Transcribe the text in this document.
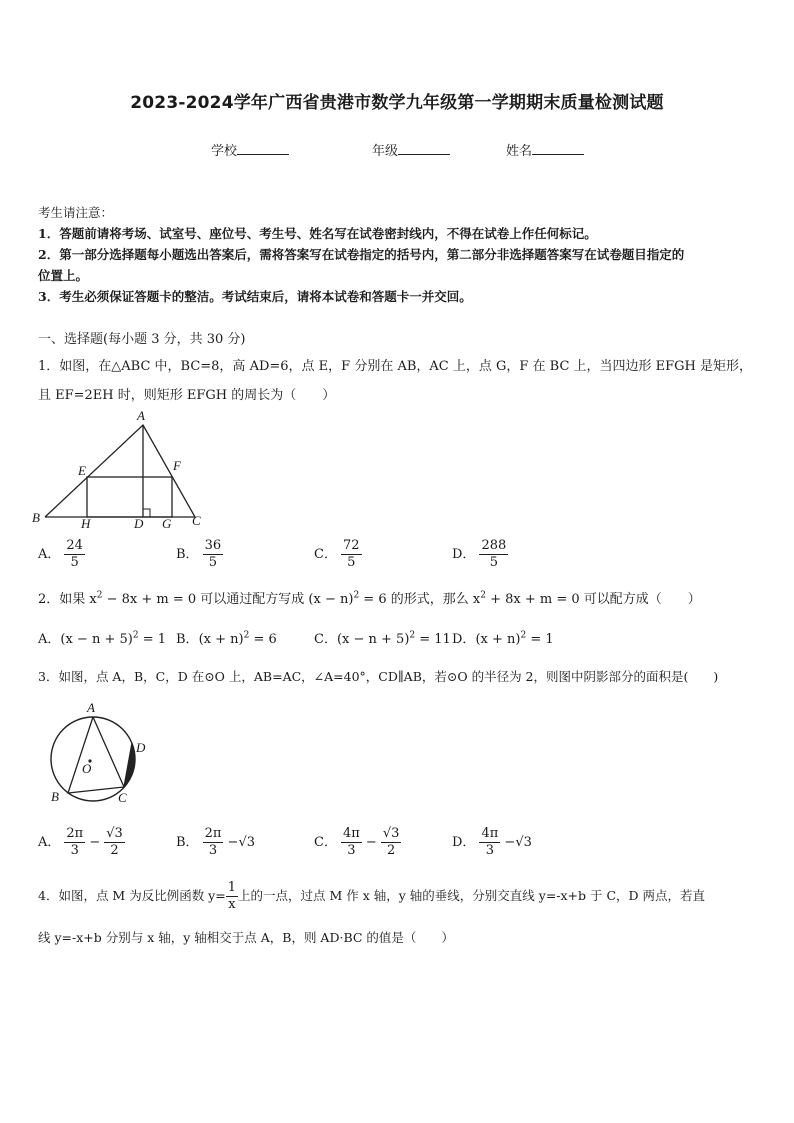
2023-2024学年广西省贵港市数学九年级第一学期期末质量检测试题
学校	年级	姓名
考生请注意：
1．答题前请将考场、试室号、座位号、考生号、姓名写在试卷密封线内，不得在试卷上作任何标记。
2．第一部分选择题每小题选出答案后，需将答案写在试卷指定的括号内，第二部分非选择题答案写在试卷题目指定的
位置上。
3．考生必须保证答题卡的整洁。考试结束后，请将本试卷和答题卡一并交回。
一、选择题(每小题 3 分，共 30 分)
1．如图，在△ABC 中，BC=8，高 AD=6，点 E，F 分别在 AB，AC 上，点 G，F 在 BC 上，当四边形 EFGH 是矩形，
且 EF=2EH 时，则矩形 EFGH 的周长为（　　）
A
B	C
D
E	F
G
H
A． $\frac{24}{5}$	B． $\frac{36}{5}$	C． $\frac{72}{5}$	D． $\frac{288}{5}$
2．如果 $x^2 - 8x + m = 0$ 可以通过配方写成 $(x - n)^2 = 6$ 的形式，那么 $x^2 + 8x + m = 0$ 可以配方成（　　）
A．$(x - n + 5)^2 = 1$ B．$(x + n)^2 = 6$	C．$(x - n + 5)^2 = 11$ D．$(x + n)^2 = 1$
3．如图，点 A，B，C，D 在⊙O 上，AB=AC，∠A=40°，CD∥AB，若⊙O 的半径为 2，则图中阴影部分的面积是(　　)
A
B	C
D
O
A． $\frac{2\pi}{3} - \frac{√3}{2}$	B． $\frac{2\pi}{3} -√3$	C． $\frac{4\pi}{3} - \frac{√3}{2}$	D． $\frac{4\pi}{3} -√3$
4．如图，点 M 为反比例函数 $y= \frac{1}{x}$ 上的一点，过点 M 作 x 轴，y 轴的垂线，分别交直线 y=-x+b 于 C，D 两点，若直
线 y=-x+b 分别与 x 轴，y 轴相交于点 A，B，则 AD·BC 的值是（　　）
